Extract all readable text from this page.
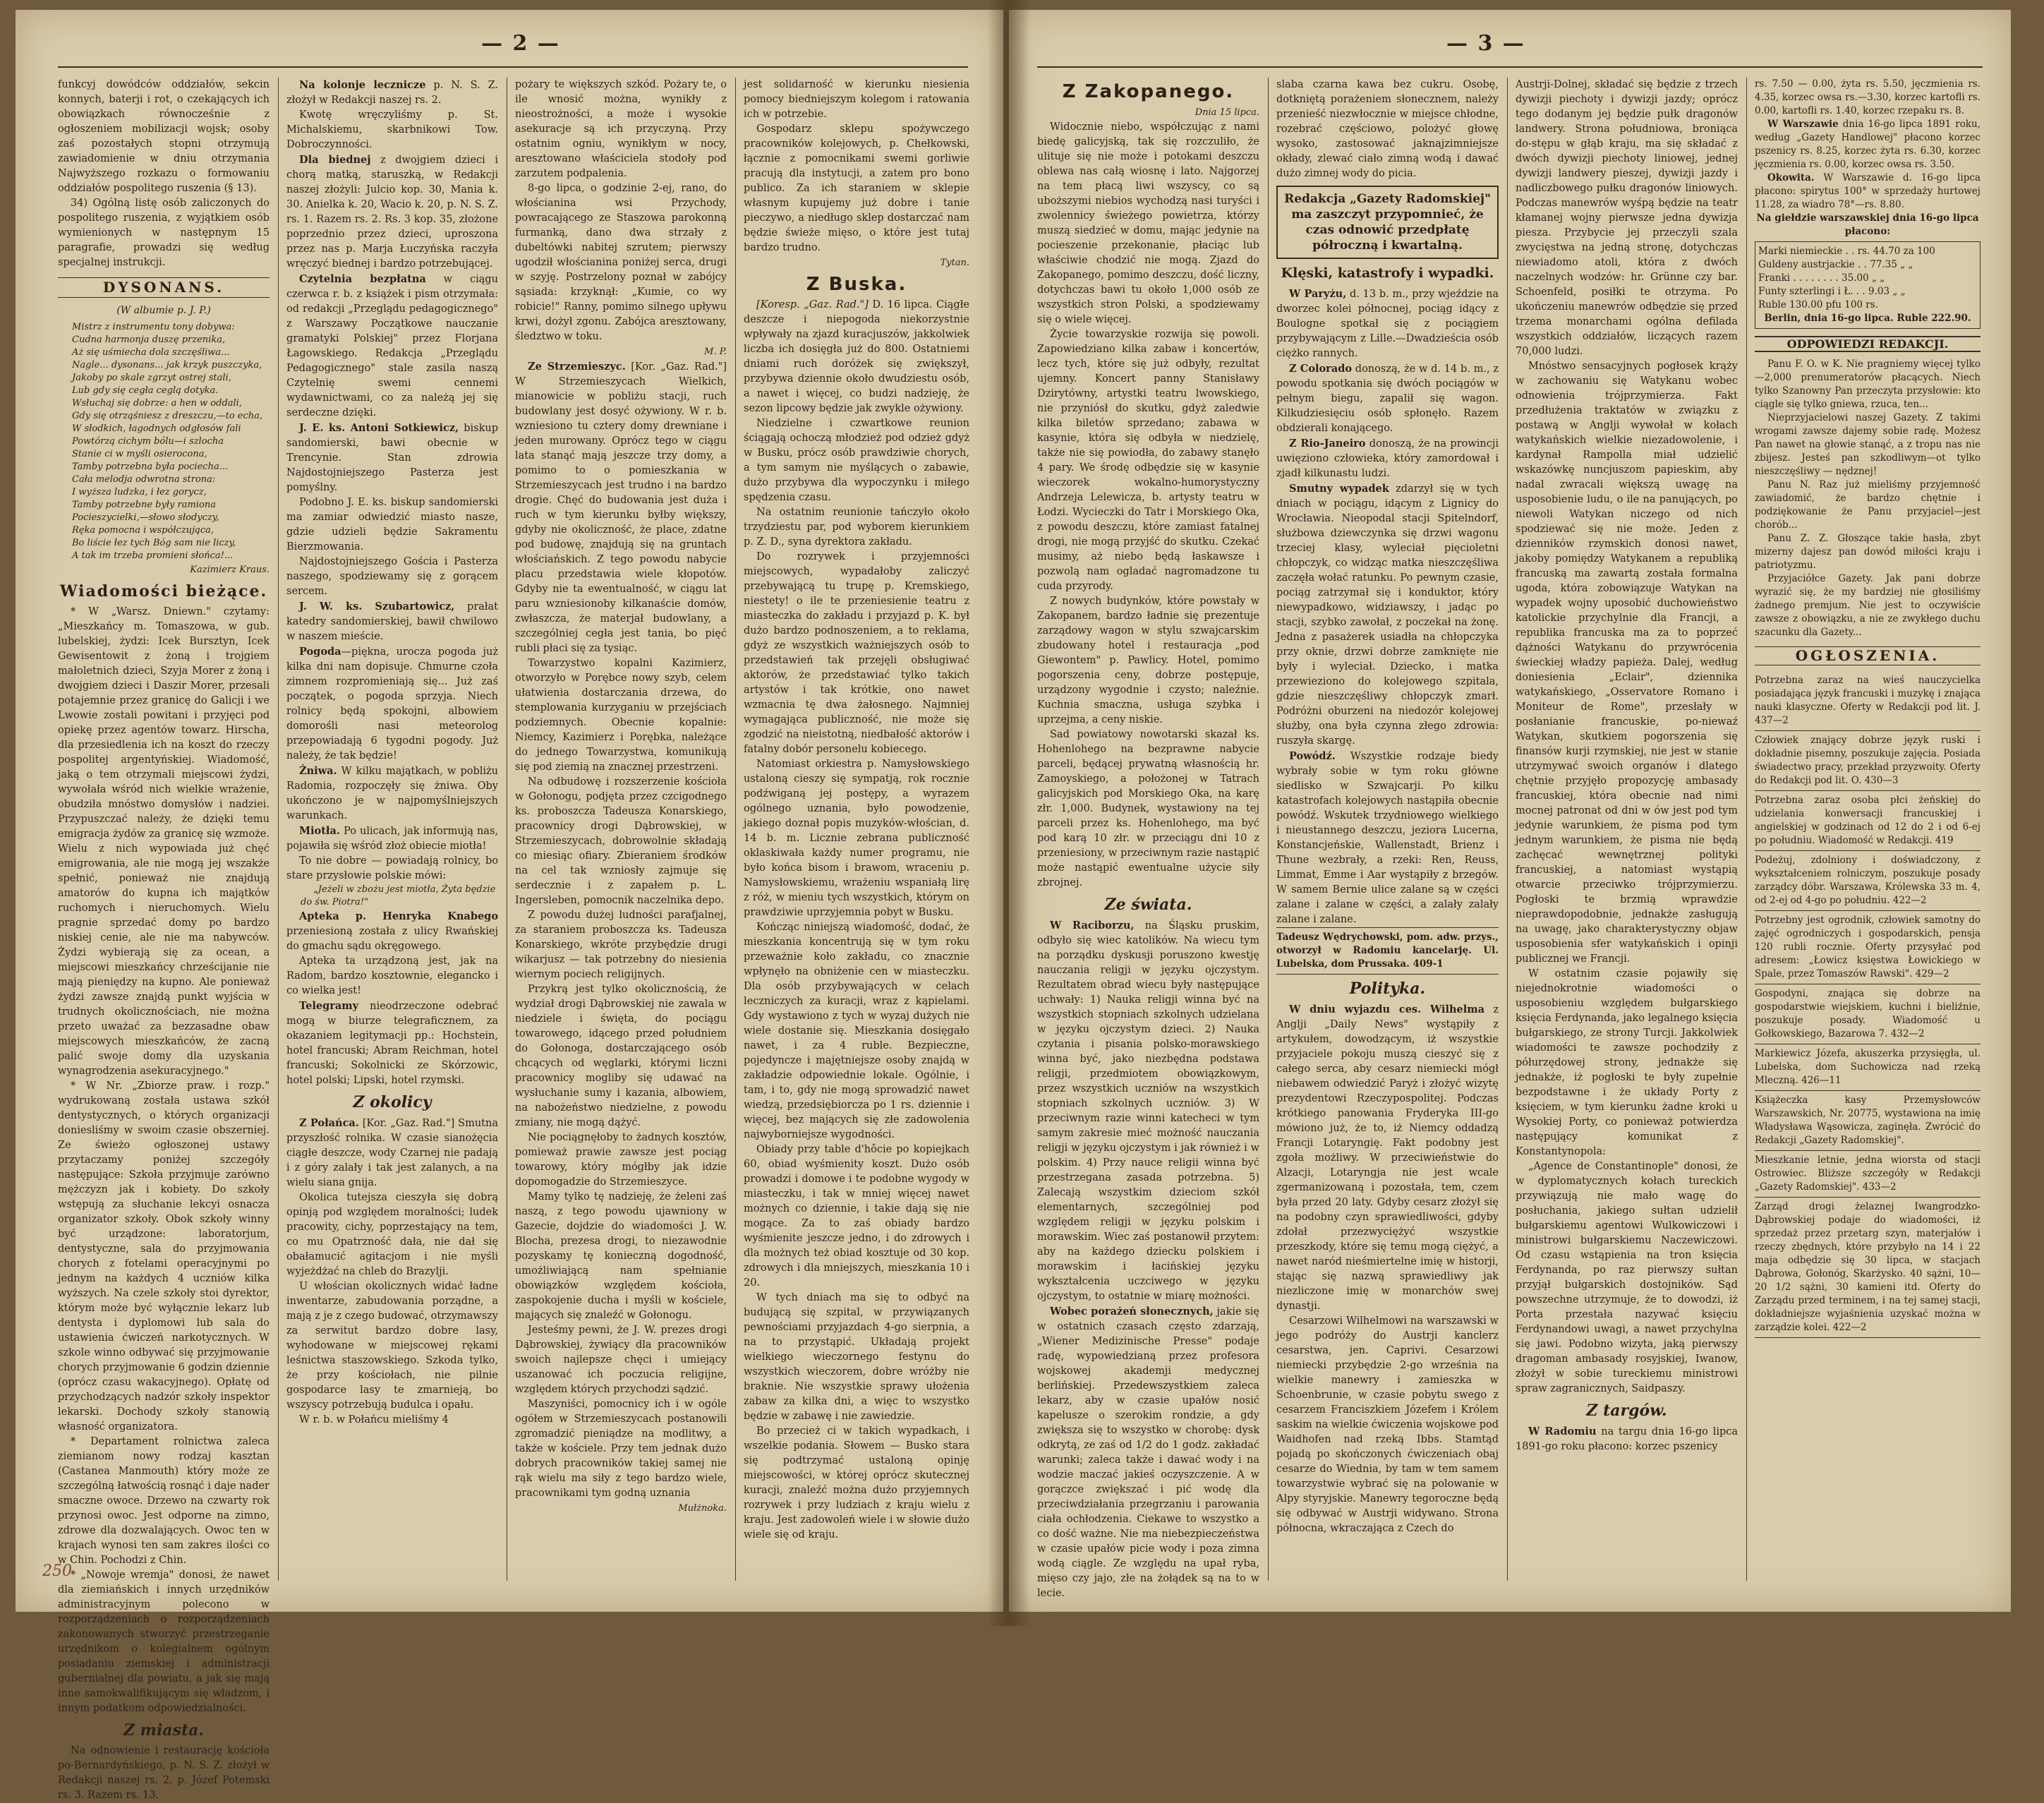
— 2 —

funkcyj dowódców oddziałów, sekcin konnych, baterji i rot, o czekających ich obowiązkach równocześnie z ogłoszeniem mobilizacji wojsk; osoby zaś pozostałych stopni otrzymują zawiadomienie w dniu otrzymania Najwyższego rozkazu o formowaniu oddziałów pospolitego ruszenia (§ 13).

34) Ogólną listę osób zaliczonych do pospolitego ruszenia, z wyjątkiem osób wymienionych w następnym 15 paragrafie, prowadzi się według specjalnej instrukcji.

DYSONANS.
(W albumie p. J. P.)
Mistrz z instrumentu tony dobywa:
Cudna harmonja duszę przenika,
Aż się uśmiecha dola szczęśliwa...
Nagle... dysonans... jak krzyk puszczyka,
Jakoby po skale zgrzyt ostrej stali,
Lub gdy się cegła ceglą dotyka.
Wsłuchaj się dobrze: a hen w oddali,
Gdy się otrząśniesz z dreszczu,—to echa,
W słodkich, łagodnych odgłosów fali
Powtórzą cichym bólu—i szlocha
Stanie ci w myśli osierocona,
Tamby potrzebna była pociecha...
Cała melodja odwrotna strona:
I wyższa ludzka, i łez gorycz,
Tamby potrzebne były ramiona
Pocieszycielki,—słowo słodyczy,
Ręka pomocna i współczująca,
Bo liście łez tych Bóg sam nie liczy,
A tak im trzeba promieni słońca!...
Kazimierz Kraus.
Wiadomości bieżące.

* W „Warsz. Dniewn." czytamy: „Mieszkańcy m. Tomaszowa, w gub. lubelskiej, żydzi: Icek Bursztyn, Icek Gewisentowit z żoną i trojgiem małoletnich dzieci, Szyja Morer z żoną i dwojgiem dzieci i Daszir Morer, przesali potajemnie przez granicę do Galicji i we Lwowie zostali powitani i przyjęci pod opiekę przez agentów towarz. Hirscha, dla przesiedlenia ich na koszt do rzeczy pospolitej argentyńskiej. Wiadomość, jaką o tem otrzymali miejscowi żydzi, wywołała wśród nich wielkie wrażenie, obudziła mnóstwo domysłów i nadziei. Przypuszczać należy, że dzięki temu emigracja żydów za granicę się wzmoże. Wielu z nich wypowiada już chęć emigrowania, ale nie mogą jej wszakże spełnić, ponieważ nie znajdują amatorów do kupna ich majątków ruchomych i nieruchomych. Wielu pragnie sprzedać domy po bardzo niskiej cenie, ale nie ma nabywców. Żydzi wybierają się za ocean, a miejscowi mieszkańcy chrześcijanie nie mają pieniędzy na kupno. Ale ponieważ żydzi zawsze znajdą punkt wyjścia w trudnych okolicznościach, nie można przeto uważać za bezzasadne obaw miejscowych mieszkańców, że zacną palić swoje domy dla uzyskania wynagrodzenia asekuracyjnego."

* W Nr. „Zbiorze praw. i rozp." wydrukowaną została ustawa szkół dentystycznych, o których organizacji doniesliśmy w swoim czasie obszerniej. Ze świeżo ogłoszonej ustawy przytaczamy poniżej szczegóły następujące: Szkoła przyjmuje zarówno mężczyzn jak i kobiety. Do szkoły wstępują za słuchanie lekcyi osnacza organizator szkoły. Obok szkoły winny być urządzone: laboratorjum, dentystyczne, sala do przyjmowania chorych z fotelami operacyjnymi po jednym na każdych 4 uczniów kilka wyższych. Na czele szkoły stoi dyrektor, którym może być wyłącznie lekarz lub dentysta i dyplomowi lub sala do ustawienia ćwiczeń narkotycznych. W szkole winno odbywać się przyjmowanie chorych przyjmowanie 6 godzin dziennie (oprócz czasu wakacyjnego). Opłatę od przychodzących nadzór szkoły inspektor lekarski. Dochody szkoły stanowią własność organizatora.

* Departament rolnictwa zaleca ziemianom nowy rodzaj kasztan (Castanea Manmouth) który może ze szczególną łatwością rosnąć i daje nader smaczne owoce. Drzewo na czwarty rok przynosi owoc. Jest odporne na zimno, zdrowe dla dozwalających. Owoc ten w krajach wynosi ten sam zakres ilości co w Chin. Pochodzi z Chin.

* „Nowoje wremja" donosi, że nawet dla ziemiańskich i innych urzędników administracyjnym polecono w rozporządzeniach o rozporządzeniach zakonowanych stworzyć przestrzeganie urzędnikom o kolegialnem ogólnym posiadaniu ziemskiej i administracji gubernialnej dla powiatu, a jak się mają inne samokwalifikującym się władzom, i innym podatkom odpowiedzialności.

Z miasta.

Na odnowienie i restaurację kościoła po-Bernardyńskiego, p. N. S. Z. złożył w Redakcji naszej rs. 2, p. Józef Potemski rs. 3. Razem rs. 13.

Na kolonje lecznicze p. N. S. Z. złożył w Redakcji naszej rs. 2.

Kwotę wręczyliśmy p. St. Michalskiemu, skarbnikowi Tow. Dobroczynności.

Dla biednej z dwojgiem dzieci i chorą matką, staruszką, w Redakcji naszej złożyli: Julcio kop. 30, Mania k. 30. Anielka k. 20, Wacio k. 20, p. N. S. Z. rs. 1. Razem rs. 2. Rs. 3 kop. 35, złożone poprzednio przez dzieci, uproszona przez nas p. Marja Łuczyńska raczyła wręczyć biednej i bardzo potrzebującej.

Czytelnia bezpłatna w ciągu czerwca r. b. z książek i pism otrzymała: od redakcji „Przeglądu pedagogicznego" z Warszawy Początkowe nauczanie gramatyki Polskiej" przez Florjana Łagowskiego. Redakcja „Przeglądu Pedagogicznego" stale zasila naszą Czytelnię swemi cennemi wydawnictwami, co za należą jej się serdeczne dzięki.

J. E. ks. Antoni Sotkiewicz, biskup sandomierski, bawi obecnie w Trencynie. Stan zdrowia Najdostojniejszego Pasterza jest pomyślny.

Podobno J. E. ks. biskup sandomierski ma zamiar odwiedzić miasto nasze, gdzie udzieli będzie Sakramentu Bierzmowania.

Najdostojniejszego Gościa i Pasterza naszego, spodziewamy się z gorącem sercem.

J. W. ks. Szubartowicz, prałat katedry sandomierskiej, bawił chwilowo w naszem mieście.

Pogoda—piękna, urocza pogoda już kilka dni nam dopisuje. Chmurne czoła zimnem rozpromieniają się... Już zaś początek, o pogoda sprzyja. Niech rolnicy będą spokojni, albowiem domorośli nasi meteorolog przepowiadają 6 tygodni pogody. Już należy, że tak będzie!

Żniwa. W kilku majątkach, w pobliżu Radomia, rozpoczęły się żniwa. Oby ukończono je w najpomyślniejszych warunkach.

Miotła. Po ulicach, jak informują nas, pojawiła się wśród złoż obiecie miotła!

To nie dobre — powiadają rolnicy, bo stare przysłowie polskie mówi:

„Jeżeli w zbożu jest miotła, Żyta będzie do św. Piotra!"

Apteka p. Henryka Knabego przeniesioną została z ulicy Rwańskiej do gmachu sądu okręgowego.

Apteka ta urządzoną jest, jak na Radom, bardzo kosztownie, elegancko i co wielka jest!

Telegramy nieodrzeczone odebrać mogą w biurze telegraficznem, za okazaniem legitymacji pp.: Hochstein, hotel francuski; Abram Reichman, hotel francuski; Sokolnicki ze Skórzowic, hotel polski; Lipski, hotel rzymski.

Z okolicy

Z Połańca. [Kor. „Gaz. Rad."] Smutna przyszłość rolnika. W czasie sianożęcia ciągłe deszcze, wody Czarnej nie padają i z góry zalały i tak jest zalanych, a na wielu siana gnija.

Okolica tutejsza cieszyła się dobrą opinją pod względem moralności; ludek pracowity, cichy, poprzestający na tem, co mu Opatrzność dała, nie dał się obałamucić agitacjom i nie myśli wyjeżdżać na chleb do Brazylji.

U włościan okolicznych widać ładne inwentarze, zabudowania porządne, a mają z je z czego budować, otrzymawszy za serwitut bardzo dobre lasy, wyhodowane w miejscowej rękami leśnictwa staszowskiego. Szkoda tylko, że przy kościołach, nie pilnie gospodarce lasy te zmarnieją, bo wszyscy potrzebują budulca i opału.

W r. b. w Połańcu mieliśmy 4

pożary te większych szkód. Pożary te, o ile wnosić można, wynikły z nieostrożności, a może i wysokie asekuracje są ich przyczyną. Przy ostatnim ogniu, wynikłym w nocy, aresztowano właściciela stodoły pod zarzutem podpalenia.

8-go lipca, o godzinie 2-ej, rano, do włościanina wsi Przychody, powracającego ze Staszowa parokonną furmanką, dano dwa strzały z dubeltówki nabitej szrutem; pierwszy ugodził włościanina poniżej serca, drugi w szyję. Postrzelony poznał w zabójcy sąsiada: krzyknął: „Kumie, co wy robicie!" Ranny, pomimo silnego upływu krwi, dożył zgonu. Zabójca aresztowany, śledztwo w toku.

M. P.

Ze Strzemieszyc. [Kor. „Gaz. Rad."] W Strzemieszycach Wielkich, mianowicie w pobliżu stacji, ruch budowlany jest dosyć ożywiony. W r. b. wzniesiono tu cztery domy drewniane i jeden murowany. Oprócz tego w ciągu lata stanąć mają jeszcze trzy domy, a pomimo to o pomieszkania w Strzemieszycach jest trudno i na bardzo drogie. Chęć do budowania jest duża i ruch w tym kierunku byłby większy, gdyby nie okoliczność, że place, zdatne pod budowę, znajdują się na gruntach włościańskich. Z tego powodu nabycie placu przedstawia wiele kłopotów. Gdyby nie ta ewentualność, w ciągu lat paru wzniesionoby kilkanaście domów, zwłaszcza, że materjał budowlany, a szczególniej cegła jest tania, bo pięć rubli płaci się za tysiąc.

Towarzystwo kopalni Kazimierz, otworzyło w Porębce nowy szyb, celem ułatwienia dostarczania drzewa, do stemplowania kurzyganiu w przejściach podziemnych. Obecnie kopalnie: Niemcy, Kazimierz i Porębka, należące do jednego Towarzystwa, komunikują się pod ziemią na znacznej przestrzeni.

Na odbudowę i rozszerzenie kościoła w Gołonogu, podjęta przez czcigodnego ks. proboszcza Tadeusza Konarskiego, pracownicy drogi Dąbrowskiej, w Strzemieszycach, dobrowolnie składają co miesiąc ofiary. Zbieraniem środków na cel tak wzniosły zajmuje się serdecznie i z zapałem p. L. Ingersleben, pomocnik naczelnika depo.

Z powodu dużej ludności parafjalnej, za staraniem proboszcza ks. Tadeusza Konarskiego, wkróte przybędzie drugi wikarjusz — tak potrzebny do niesienia wiernym pociech religijnych.

Przykrą jest tylko okolicznością, że wydział drogi Dąbrowskiej nie zawala w niedziele i święta, do pociągu towarowego, idącego przed południem do Gołonoga, dostarczającego osób chcących od węglarki, którymi liczni pracownicy mogliby się udawać na wysłuchanie sumy i kazania, albowiem, na nabożeństwo niedzielne, z powodu zmiany, nie mogą dążyć.

Nie pociągnęłoby to żadnych kosztów, pomieważ prawie zawsze jest pociąg towarowy, który mógłby jak idzie dopomogadzie do Strzemieszyce.

Mamy tylko tę nadzieję, że żeleni zaś naszą, z tego powodu ujawniony w Gazecie, dojdzie do wiadomości J. W. Blocha, prezesa drogi, to niezawodnie pozyskamy tę konieczną dogodność, umożliwiającą nam spełnianie obowiązków względem kościoła, zaspokojenie ducha i myśli w kościele, mających się znaleźć w Gołonogu.

Jesteśmy pewni, że J. W. prezes drogi Dąbrowskiej, żywiący dla pracowników swoich najlepsze chęci i umiejący uszanować ich poczucia religijne, względem których przychodzi sądzić.

Maszyniści, pomocnicy ich i w ogóle ogółem w Strzemieszycach postanowili zgromadzić pieniądze na modlitwy, a także w kościele. Przy tem jednak dużo dobrych pracowników takiej samej nie rąk wielu ma siły z tego bardzo wiele, pracownikami tym godną uznania

Mułżnoka.

jest solidarność w kierunku niesienia pomocy biedniejszym kolegom i ratowania ich w potrzebie.

Gospodarz sklepu spożywczego pracowników kolejowych, p. Chełkowski, łącznie z pomocnikami swemi gorliwie pracują dla instytucji, a zatem pro bono publico. Za ich staraniem w sklepie własnym kupujemy już dobre i tanie pieczywo, a niedługo sklep dostarczać nam będzie świeże mięso, o które jest tutaj bardzo trudno.

Tytan.
Z Buska.

[Koresp. „Gaz. Rad."] D. 16 lipca. Ciągłe deszcze i niepogoda niekorzystnie wpływały na zjazd kuracjuszów, jakkolwiek liczba ich dosięgła już do 800. Ostatniemi dniami ruch doróżek się zwiększył, przybywa dziennie około dwudziestu osób, a nawet i więcej, co budzi nadzieję, że sezon lipcowy będzie jak zwykle ożywiony.

Niedzielne i czwartkowe reunion ściągają ochoczą młodzież pod odzież gdyż w Busku, prócz osób prawdziwie chorych, a tym samym nie myślących o zabawie, dużo przybywa dla wypoczynku i miłego spędzenia czasu.

Na ostatnim reunionie tańczyło około trzydziestu par, pod wyborem kierunkiem p. Z. D., syna dyrektora zakładu.

Do rozrywek i przyjemności miejscowych, wypadałoby zaliczyć przebywającą tu trupę p. Kremskiego, niestety! o ile te przeniesienie teatru z miasteczka do zakładu i przyjazd p. K. był dużo bardzo podnoszeniem, a to reklama, gdyż ze wszystkich ważniejszych osób to przedstawień tak przejęli obsługiwać aktorów, że przedstawiać tylko takich artystów i tak krótkie, ono nawet wzmacnia tę dwa żałosnego. Najmniej wymagająca publiczność, nie może się zgodzić na nieistotną, niedbałość aktorów i fatalny dobór personelu kobiecego.

Natomiast orkiestra p. Namysłowskiego ustaloną cieszy się sympatją, rok rocznie podźwiganą jej postępy, a wyrazem ogólnego uznania, było powodzenie, jakiego doznał popis muzyków-włościan, d. 14 b. m. Licznie zebrana publiczność oklaskiwała każdy numer programu, nie było końca bisom i brawom, wraceniu p. Namysłowskiemu, wrażeniu wspaniałą lirę z róż, w mieniu tych wszystkich, którym on prawdziwie uprzyjemnia pobyt w Busku.

Kończąc niniejszą wiadomość, dodać, że mieszkania koncentrują się w tym roku przeważnie koło zakładu, co znacznie wpłynęło na obniżenie cen w miasteczku. Dla osób przybywających w celach leczniczych za kuracji, wraz z kąpielami. Gdy wystawiono z tych w wyzaj dużych nie wiele dostanie się. Mieszkania dosięgało nawet, i za 4 ruble. Bezpieczne, pojedyncze i majętniejsze osoby znajdą w zakładzie odpowiednie lokale. Ogólnie, i tam, i to, gdy nie mogą sprowadzić nawet wiedzą, przedsiębiorcza po 1 rs. dziennie i więcej, bez mających się złe zadowolenia najwyborniejsze wygodności.

Obiady przy table d'hôcie po kopiejkach 60, obiad wyśmienity koszt. Dużo osób prowadzi i domowe i te podobne wygody w miasteczku, i tak w mniej więcej nawet możnych co dziennie, i takie dają się nie mogące. Za to zaś obiady bardzo wyśmienite jeszcze jedno, i do zdrowych i dla możnych też obiad kosztuje od 30 kop. zdrowych i dla mniejszych, mieszkania 10 i 20.

W tych dniach ma się to odbyć na budującą się szpital, w przywiązanych pewnościami przyjazdach 4-go sierpnia, a na to przystąpić. Układają projekt wielkiego wieczornego festynu do wszystkich wieczorem, dobre wróżby nie braknie. Nie wszystkie sprawy ułożenia zabaw za kilka dni, a więc to wszystko będzie w zabawę i nie zawiedzie.

Bo przecież ci w takich wypadkach, i wszelkie podania. Słowem — Busko stara się podtrzymać ustaloną opinję miejscowości, w której oprócz skutecznej kuracji, znaleźć można dużo przyjemnych rozrywek i przy ludziach z kraju wielu z kraju. Jest zadowoleń wiele i w słowie dużo wiele się od kraju.

250
— 3 —
Z Zakopanego.
Dnia 15 lipca.

Widocznie niebo, współczując z nami biedę galicyjską, tak się rozczuliło, że ulituje się nie może i potokami deszczu oblewa nas całą wiosnę i lato. Najgorzej na tem płacą liwi wszyscy, co są uboższymi niebios wychodzą nasi turyści i zwolennicy świeżego powietrza, którzy muszą siedzieć w domu, mając jedynie na pocieszenie przekonanie, płaciąc lub właściwie chodzić nie mogą. Zjazd do Zakopanego, pomimo deszczu, dość liczny, dotychczas bawi tu około 1,000 osób ze wszystkich stron Polski, a spodziewamy się o wiele więcej.

Życie towarzyskie rozwija się powoli. Zapowiedziano kilka zabaw i koncertów, lecz tych, które się już odbyły, rezultat ujemny. Koncert panny Stanisławy Dzirytówny, artystki teatru lwowskiego, nie przyniósł do skutku, gdyż zaledwie kilka biletów sprzedano; zabawa w kasynie, która się odbyła w niedzielę, także nie się powiodła, do zabawy stanęło 4 pary. We środę odbędzie się w kasynie wieczorek wokalno-humorystyczny Andrzeja Lelewicza, b. artysty teatru w Łodzi. Wycieczki do Tatr i Morskiego Oka, z powodu deszczu, które zamiast fatalnej drogi, nie mogą przyjść do skutku. Czekać musimy, aż niebo będą łaskawsze i pozwolą nam ogladać nagromadzone tu cuda przyrody.

Z nowych budynków, które powstały w Zakopanem, bardzo ładnie się prezentuje zarządowy wagon w stylu szwajcarskim zbudowany hotel i restauracja „pod Giewontem" p. Pawlicy. Hotel, pomimo pogorszenia ceny, dobrze postępuje, urządzony wygodnie i czysto; naleźnie. Kuchnia smaczna, usługa szybka i uprzejma, a ceny niskie.

Sad powiatowy nowotarski skazał ks. Hohenlohego na bezprawne nabycie parceli, będącej prywatną własnością hr. Zamoyskiego, a położonej w Tatrach galicyjskich pod Morskiego Oka, na karę złr. 1,000. Budynek, wystawiony na tej parceli przez ks. Hohenlohego, ma być pod karą 10 złr. w przeciągu dni 10 z przeniesiony, w przeciwnym razie nastąpić może nastąpić ewentualne użycie siły zbrojnej.

Ze świata.

W Raciborzu, na Śląsku pruskim, odbyło się wiec katolików. Na wiecu tym na porządku dyskusji poruszono kwestję nauczania religji w języku ojczystym. Rezultatem obrad wiecu były następujące uchwały: 1) Nauka religji winna być na wszystkich stopniach szkolnych udzielana w języku ojczystym dzieci. 2) Nauka czytania i pisania polsko-morawskiego winna być, jako niezbędna podstawa religji, przedmiotem obowiązkowym, przez wszystkich uczniów na wszystkich stopniach szkolnych uczniów. 3) W przeciwnym razie winni katecheci w tym samym zakresie mieć możność nauczania religji w języku ojczystym i jak również i w polskim. 4) Przy nauce religii winna być przestrzegana zasada potrzebna. 5) Zalecają wszystkim dzieciom szkół elementarnych, szczególniej pod względem religji w języku polskim i morawskim. Wiec zaś postanowił przytem: aby na każdego dziecku polskiem i morawskim i łacińskiej języku wykształcenia uczciwego w języku ojczystym, to ostatnie w miarę możności.

Wobec porażeń słonecznych, jakie się w ostatnich czasach często zdarzają, „Wiener Medizinische Presse" podaje radę, wypowiedzianą przez profesora wojskowej akademji medycznej berlińskiej. Przedewszystkiem zaleca lekarz, aby w czasie upałów nosić kapelusze o szerokim rondzie, a gdy zwiększa się to wszystko w chorobę: dysk odkrytą, ze zaś od 1/2 do 1 godz. zakładać warunki; zaleca także i dawać wody i na wodzie maczać jakieś oczyszczenie. A w gorączce zwiększać i pić wodę dla przeciwdziałania przegrzaniu i parowania ciała ochłodzenia. Ciekawe to wszystko a co dość ważne. Nie ma niebezpieczeństwa w czasie upałów picie wody i poza zimna wodą ciągle. Ze względu na upał ryba, mięso czy jajo, złe na żołądek są na to w lecie.

slaba czarna kawa bez cukru. Osobę, dotkniętą porażeniem słonecznem, należy przenieść niezwłocznie w miejsce chłodne, rozebrać częściowo, polożyć głowę wysoko, zastosować jaknajzimniejsze okłady, zlewać ciało zimną wodą i dawać dużo zimnej wody do picia.

Redakcja „Gazety Radomskiej" ma zaszczyt przypomnieć, że czas odnowić przedpłatę półroczną i kwartalną.
Klęski, katastrofy i wypadki.

W Paryżu, d. 13 b. m., przy wjeździe na dworzec kolei północnej, pociąg idący z Boulogne spotkał się z pociągiem przybywającym z Lille.—Dwadzieścia osób ciężko rannych.

Z Colorado donoszą, że w d. 14 b. m., z powodu spotkania się dwóch pociągów w pełnym biegu, zapalił się wagon. Kilkudziesięciu osób spłonęło. Razem obdzierali konającego.

Z Rio-Janeiro donoszą, że na prowincji uwięziono człowieka, który zamordował i zjadł kilkunastu ludzi.

Smutny wypadek zdarzył się w tych dniach w pociągu, idącym z Lignicy do Wrocławia. Nieopodal stacji Spitelndorf, służbowa dziewczynka się drzwi wagonu trzeciej klasy, wyleciał pięcioletni chłopczyk, co widząc matka nieszczęśliwa zaczęła wołać ratunku. Po pewnym czasie, pociąg zatrzymał się i konduktor, który niewypadkowo, widziawszy, i jadąc po stacji, szybko zawołał, z poczekał na żonę. Jedna z pasażerek usiadła na chłopczyka przy oknie, drzwi dobrze zamknięte nie były i wyleciał. Dziecko, i matka przewieziono do kolejowego szpitala, gdzie nieszczęśliwy chłopczyk zmarł. Podróżni oburzeni na niedozór kolejowej służby, ona była czynna złego zdrowia: ruszyła skargę.

Powódź. Wszystkie rodzaje biedy wybrały sobie w tym roku główne siedlisko w Szwajcarji. Po kilku katastrofach kolejowych nastąpiła obecnie powódź. Wskutek trzydniowego wielkiego i nieustannego deszczu, jeziora Lucerna, Konstancjeńskie, Wallenstadt, Brienz i Thune wezbrały, a rzeki: Ren, Reuss, Limmat, Emme i Aar wystąpiły z brzegów. W samem Bernie ulice zalane są w części zalane i zalane w części, a zalały zalały zalane i zalane.

Tadeusz Wędrychowski, pom. adw. przys., otworzył w Radomiu kancelarję. Ul. Lubelska, dom Prussaka. 409-1
Polityka.

W dniu wyjazdu ces. Wilhelma z Anglji „Daily News" wystąpiły z artykułem, dowodzącym, iż wszystkie przyjaciele pokoju muszą cieszyć się z całego serca, aby cesarz niemiecki mógł niebawem odwiedzić Paryż i złożyć wizytę prezydentowi Rzeczypospolitej. Podczas krótkiego panowania Fryderyka III-go mówiono już, że to, iż Niemcy oddadzą Francji Lotaryngię. Fakt podobny jest zgoła możliwy. W przeciwieństwie do Alzacji, Lotaryngja nie jest wcale zgermanizowaną i pozostała, tem, czem była przed 20 laty. Gdyby cesarz złożył się na podobny czyn sprawiedliwości, gdyby zdołał przezwyciężyć wszystkie przeszkody, które się temu mogą ciężyć, a nawet naród nieśmiertelne imię w historji, stając się nazwą sprawiedliwy jak niezliczone imię w monarchów swej dynastji.

Cesarzowi Wilhelmowi na warszawski w jego podróży do Austrji kanclerz cesarstwa, jen. Caprivi. Cesarzowi niemiecki przybędzie 2-go września na wielkie manewry i zamieszka w Schoenbrunie, w czasie pobytu swego z cesarzem Franciszkiem Józefem i Królem saskim na wielkie ćwiczenia wojskowe pod Waidhofen nad rzeką Ibbs. Stamtąd pojadą po skończonych ćwiczeniach obaj cesarze do Wiednia, by tam w tem samem towarzystwie wybrać się na polowanie w Alpy styryjskie. Manewry tegoroczne będą się odbywać w Austrji widywano. Strona północna, wkraczająca z Czech do

Austrji-Dolnej, składać się będzie z trzech dywizji piechoty i dywizji jazdy; oprócz tego dodanym jej będzie pułk dragonów landwery. Strona południowa, broniąca do-stępu w głąb kraju, ma się składać z dwóch dywizji piechoty liniowej, jednej dywizji landwery pieszej, dywizji jazdy i nadliczbowego pułku dragonów liniowych. Podczas manewrów wyśpą będzie na teatr kłamanej wojny pierwsze jedna dywizja piesza. Przybycie jej przeczyli szala zwycięstwa na jedną stronę, dotychczas niewiadomo atoli, która z dwóch naczelnych wodzów: hr. Grünne czy bar. Schoenfeld, posiłki te otrzyma. Po ukończeniu manewrów odbędzie się przed trzema monarchami ogólna defilada wszystkich oddziałów, liczących razem 70,000 ludzi.

Mnóstwo sensacyjnych pogłosek krąży w zachowaniu się Watykanu wobec odnowienia trójprzymierza. Fakt przedłużenia traktatów w związku z postawą w Anglji wywołał w kołach watykańskich wielkie niezadowolenie, i kardynał Rampolla miał udzielić wskazówkę nuncjuszom papieskim, aby nadal zwracali większą uwagę na usposobienie ludu, o ile na panujących, po niewoli Watykan niczego od nich spodziewać się nie może. Jeden z dzienników rzymskich donosi nawet, jakoby pomiędzy Watykanem a republiką francuską ma zawartą została formalna ugoda, która zobowiązuje Watykan na wypadek wojny uposobić duchowieństwo katolickie przychylnie dla Francji, a republika francuska ma za to poprzeć dążności Watykanu do przywrócenia świeckiej władzy papieża. Dalej, według doniesienia „Eclair", dziennika watykańskiego, „Osservatore Romano i Moniteur de Rome", przesłały w posłanianie francuskie, po-niewaź Watykan, skutkiem pogorszenia się finansów kurji rzymskiej, nie jest w stanie utrzymywać swoich organów i dlatego chętnie przyjęło propozycję ambasady francuskiej, która obecnie nad nimi mocnej patronat od dni w ów jest pod tym jedynie warunkiem, że pisma pod tym jednym warunkiem, że pisma nie będą zachęcać wewnętrznej polityki francuskiej, a natomiast wystąpią otwarcie przeciwko trójprzymierzu. Pogłoski te brzmią wprawdzie nieprawdopodobnie, jednakże zasługują na uwagę, jako charakterystyczny objaw usposobienia sfer watykańskich i opinji publicznej we Francji.

W ostatnim czasie pojawiły się niejednokrotnie wiadomości o usposobieniu względem bułgarskiego księcia Ferdynanda, jako legalnego księcia bułgarskiego, ze strony Turcji. Jakkolwiek wiadomości te zawsze pochodziły z półurzędowej strony, jednakże się jednakże, iż pogłoski te były zupełnie bezpodstawne i że układy Porty z księciem, w tym kierunku żadne kroki u Wysokiej Porty, co ponieważ potwierdza następujący komunikat z Konstantynopola:

„Agence de Constantinople" donosi, że w dyplomatycznych kołach tureckich przywiązują nie mało wagę do posłuchania, jakiego sułtan udzielił bułgarskiemu agentowi Wulkowiczowi i ministrowi bułgarskiemu Naczewiczowi. Od czasu wstąpienia na tron księcia Ferdynanda, po raz pierwszy sułtan przyjął bułgarskich dostojników. Sąd powszechne utrzymuje, że to dowodzi, iż Porta przestała nazywać księciu Ferdynandowi uwagi, a nawet przychylna się jawi. Podobno wizyta, jaką pierwszy dragoman ambasady rosyjskiej, Iwanow, złożył w sobie tureckiemu ministrowi spraw zagranicznych, Saidpaszy.

Z targów.

W Radomiu na targu dnia 16-go lipca 1891-go roku płacono: korzec pszenicy

rs. 7.50 — 0.00, żyta rs. 5.50, jęczmienia rs. 4.35, korzec owsa rs.—3.30, korzec kartofli rs. 0.00, kartofli rs. 1.40, korzec rzepaku rs. 8.

W Warszawie dnia 16-go lipca 1891 roku, według „Gazety Handlowej" płacono korzec pszenicy rs. 8.25, korzec żyta rs. 6.30, korzec jęczmienia rs. 0.00, korzec owsa rs. 3.50.

Okowita. W Warszawie d. 16-go lipca płacono: spirytus 100° w sprzedaży hurtowej 11.28, za wiadro 78°—rs. 8.80.

Na giełdzie warszawskiej dnia 16-go lipca płacono:

Marki niemieckie . . rs. 44.70 za 100
Guldeny austrjackie . . 77.35 „ „
Franki . . . . . . . . 35.00 „ „
Funty szterlingi i Ł. . . 9.03 „ „
Ruble 130.00 pfu 100 rs.
Berlin, dnia 16-go lipca. Ruble 222.90.
ODPOWIEDZI REDAKCJI.

Panu F. O. w K. Nie pragniemy więcej tylko—2,000 prenumeratorów płacących. Niech tylko Szanowny Pan przeczyta przysłowie: kto ciągle się tylko gniewa, rzuca, ten...

Nieprzyjacielowi naszej Gazety. Z takimi wrogami zawsze dajemy sobie radę. Możesz Pan nawet na głowie stanąć, a z tropu nas nie zbijesz. Jesteś pan szkodliwym—ot tylko nieszczęśliwy — nędznej!

Panu N. Raz już mieliśmy przyjemność zawiadomić, że bardzo chętnie i podziękowanie że Panu przyjaciel—jest chorób...

Panu Z. Z. Głoszące takie hasła, zbyt mizerny dajesz pan dowód miłości kraju i patriotyzmu.

Przyjaciółce Gazety. Jak pani dobrze wyrazić się, że my bardziej nie głosiliśmy żadnego premjum. Nie jest to oczywiście zawsze z obowiązku, a nie ze zwykłego duchu szacunku dla Gazety...

OGŁOSZENIA.
Potrzebna zaraz na wieś nauczycielka posiadająca język francuski i muzykę i znająca nauki klasyczne. Oferty w Redakcji pod lit. J. 437—2
Człowiek znający dobrze język ruski i dokładnie pisemny, poszukuje zajęcia. Posiada świadectwo pracy, przekład przyzwoity. Oferty do Redakcji pod lit. O. 430—3
Potrzebna zaraz osoba płci żeńskiej do udzielania konwersacji francuskiej i angielskiej w godzinach od 12 do 2 i od 6-ej po południu. Wiadomość w Redakcji. 419
Podeżuj, zdolniony i doświadczony, z wykształceniem rolniczym, poszukuje posady zarządcy dóbr. Warszawa, Królewska 33 m. 4, od 2-ej od 4-go po południu. 422—2
Potrzebny jest ogrodnik, człowiek samotny do zajęć ogrodniczych i gospodarskich, pensja 120 rubli rocznie. Oferty przysyłać pod adresem: „Łowicz księstwa Łowickiego w Spale, przez Tomaszów Rawski". 429—2
Gospodyni, znająca się dobrze na gospodarstwie wiejskiem, kuchni i bieliźnie, poszukuje posady. Wiadomość u Gołkowskiego, Bazarowa 7. 432—2
Markiewicz Józefa, akuszerka przysięgła, ul. Lubelska, dom Suchowicza nad rzeką Mleczną. 426—11
Książeczka kasy Przemysłowców Warszawskich, Nr. 20775, wystawiona na imię Władysława Wąsowicza, zaginęła. Zwrócić do Redakcji „Gazety Radomskiej".
Mieszkanie letnie, jedna wiorsta od stacji Ostrowiec. Bliższe szczegóły w Redakcji „Gazety Radomskiej". 433—2
Zarząd drogi żelaznej Iwangrodzko-Dąbrowskiej podaje do wiadomości, iż sprzedaż przez przetarg szyn, materjałów i rzeczy zbędnych, które przybyło na 14 i 22 maja odbędzie się 30 lipca, w stacjach Dąbrowa, Gołonóg, Skarżysko. 40 sążni, 10—20 1/2 sążni, 30 kamieni itd. Oferty do Zarządu przed terminem, i na tej samej stacji, dokładniejsze wyjaśnienia uzyskać można w zarządzie kolei. 422—2
